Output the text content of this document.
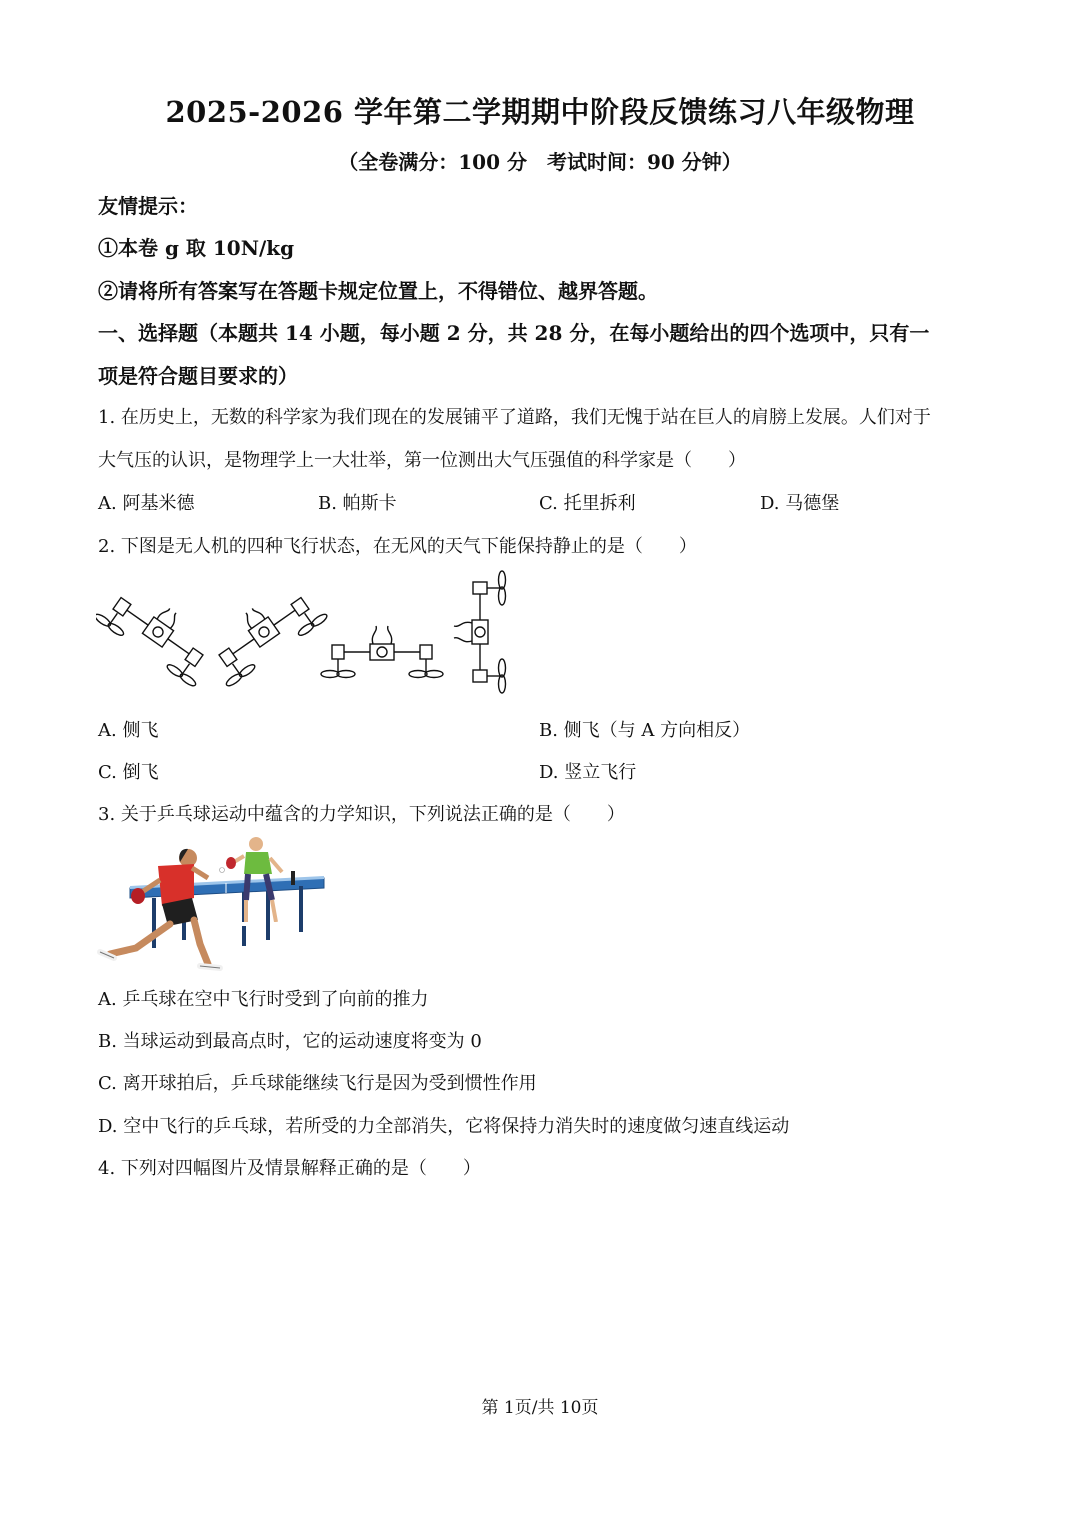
2025-2026 学年第二学期期中阶段反馈练习八年级物理
（全卷满分：100 分　考试时间：90 分钟）
友情提示：
①本卷 g 取 10N/kg
②请将所有答案写在答题卡规定位置上，不得错位、越界答题。
一、选择题（本题共 14 小题，每小题 2 分，共 28 分，在每小题给出的四个选项中，只有一
项是符合题目要求的）
1. 在历史上，无数的科学家为我们现在的发展铺平了道路，我们无愧于站在巨人的肩膀上发展。人们对于
大气压的认识，是物理学上一大壮举，第一位测出大气压强值的科学家是（　　）
A. 阿基米德	B. 帕斯卡	C. 托里拆利	D. 马德堡
2. 下图是无人机的四种飞行状态，在无风的天气下能保持静止的是（　　）
A. 侧飞	B. 侧飞（与 A 方向相反）
C. 倒飞	D. 竖立飞行
3. 关于乒乓球运动中蕴含的力学知识，下列说法正确的是（　　）
A. 乒乓球在空中飞行时受到了向前的推力
B. 当球运动到最高点时，它的运动速度将变为 0
C. 离开球拍后，乒乓球能继续飞行是因为受到惯性作用
D. 空中飞行的乒乓球，若所受的力全部消失，它将保持力消失时的速度做匀速直线运动
4. 下列对四幅图片及情景解释正确的是（　　）
第 1页/共 10页
